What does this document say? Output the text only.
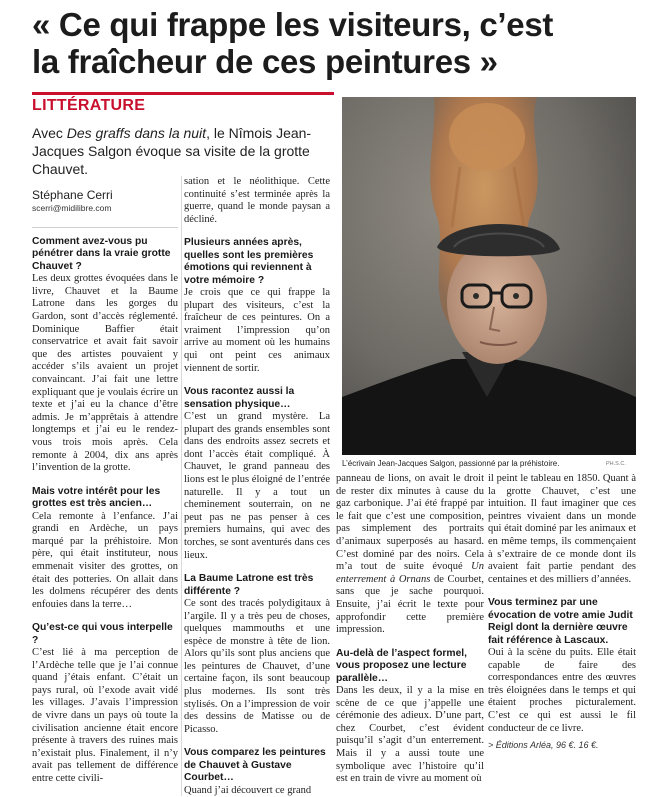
« Ce qui frappe les visiteurs, c’est
la fraîcheur de ces peintures »
LITTÉRATURE

Avec Des graffs dans la nuit, le Nîmois Jean-Jacques Salgon évoque sa visite de la grotte Chauvet.

Stéphane Cerri
scerri@midilibre.com
L’écrivain Jean-Jacques Salgon, passionné par la préhistoire.	PH.S.C.

Comment avez-vous pu pénétrer dans la vraie grotte Chauvet ?

Les deux grottes évoquées dans le livre, Chauvet et la Baume Latrone dans les gorges du Gardon, sont d’accès réglementé. Dominique Baffier était conservatrice et avait fait savoir que des artistes pouvaient y accéder s’ils avaient un projet convaincant. J’ai fait une lettre expliquant que je voulais écrire un texte et j’ai eu la chance d’être admis. Je m’apprêtais à attendre longtemps et j’ai eu le rendez-vous trois mois après. Cela remonte à 2004, dix ans après l’invention de la grotte.

Mais votre intérêt pour les grottes est très ancien…

Cela remonte à l’enfance. J’ai grandi en Ardèche, un pays marqué par la préhistoire. Mon père, qui était instituteur, nous emmenait visiter des grottes, on était des potteries. On allait dans les dolmens récupérer des dents enfouies dans la terre…

Qu’est-ce qui vous interpelle ?

C’est lié à ma perception de l’Ardèche telle que je l’ai connue quand j’étais enfant. C’était un pays rural, où l’exode avait vidé les villages. J’avais l’impression de vivre dans un pays où toute la civilisation ancienne était encore présente à travers des ruines mais n’existait plus. Finalement, il n’y avait pas tellement de différence entre cette civili-

sation et le néolithique. Cette continuité s’est terminée après la guerre, quand le monde paysan a décliné.

Plusieurs années après, quelles sont les premières émotions qui reviennent à votre mémoire ?

Je crois que ce qui frappe la plupart des visiteurs, c’est la fraîcheur de ces peintures. On a vraiment l’impression qu’on arrive au moment où les humains qui ont peint ces animaux viennent de sortir.

Vous racontez aussi la sensation physique…

C’est un grand mystère. La plupart des grands ensembles sont dans des endroits assez secrets et dont l’accès était compliqué. À Chauvet, le grand panneau des lions est le plus éloigné de l’entrée naturelle. Il y a tout un cheminement souterrain, on ne peut pas ne pas penser à ces premiers humains, qui avec des torches, se sont aventurés dans ces lieux.

La Baume Latrone est très différente ?

Ce sont des tracés polydigitaux à l’argile. Il y a très peu de choses, quelques mammouths et une espèce de monstre à tête de lion. Alors qu’ils sont plus anciens que les peintures de Chauvet, d’une certaine façon, ils sont beaucoup plus modernes. Ils sont très stylisés. On a l’impression de voir des dessins de Matisse ou de Picasso.

Vous comparez les peintures de Chauvet à Gustave Courbet…

Quand j’ai découvert ce grand

panneau de lions, on avait le droit de rester dix minutes à cause du gaz carbonique. J’ai été frappé par le fait que c’est une composition, pas simplement des portraits d’animaux superposés au hasard. C’est dominé par des noirs. Cela m’a tout de suite évoqué Un enterrement à Ornans de Courbet, sans que je sache pourquoi. Ensuite, j’ai écrit le texte pour approfondir cette première impression.

Au-delà de l’aspect formel, vous proposez une lecture parallèle…

Dans les deux, il y a la mise en scène de ce que j’appelle une cérémonie des adieux. D’une part, chez Courbet, c’est évident puisqu’il s’agit d’un enterrement. Mais il y a aussi toute une symbolique avec l’histoire qu’il est en train de vivre au moment où

il peint le tableau en 1850. Quant à la grotte Chauvet, c’est une intuition. Il faut imaginer que ces peintres vivaient dans un monde qui était dominé par les animaux et en même temps, ils commençaient à s’extraire de ce monde dont ils avaient fait partie pendant des centaines et des milliers d’années.

Vous terminez par une évocation de votre amie Judit Reigl dont la dernière œuvre fait référence à Lascaux.

Oui à la scène du puits. Elle était capable de faire des correspondances entre des œuvres très éloignées dans le temps et qui étaient proches picturalement. C’est ce qui est aussi le fil conducteur de ce livre.

> Éditions Arléa, 96 €. 16 €.
